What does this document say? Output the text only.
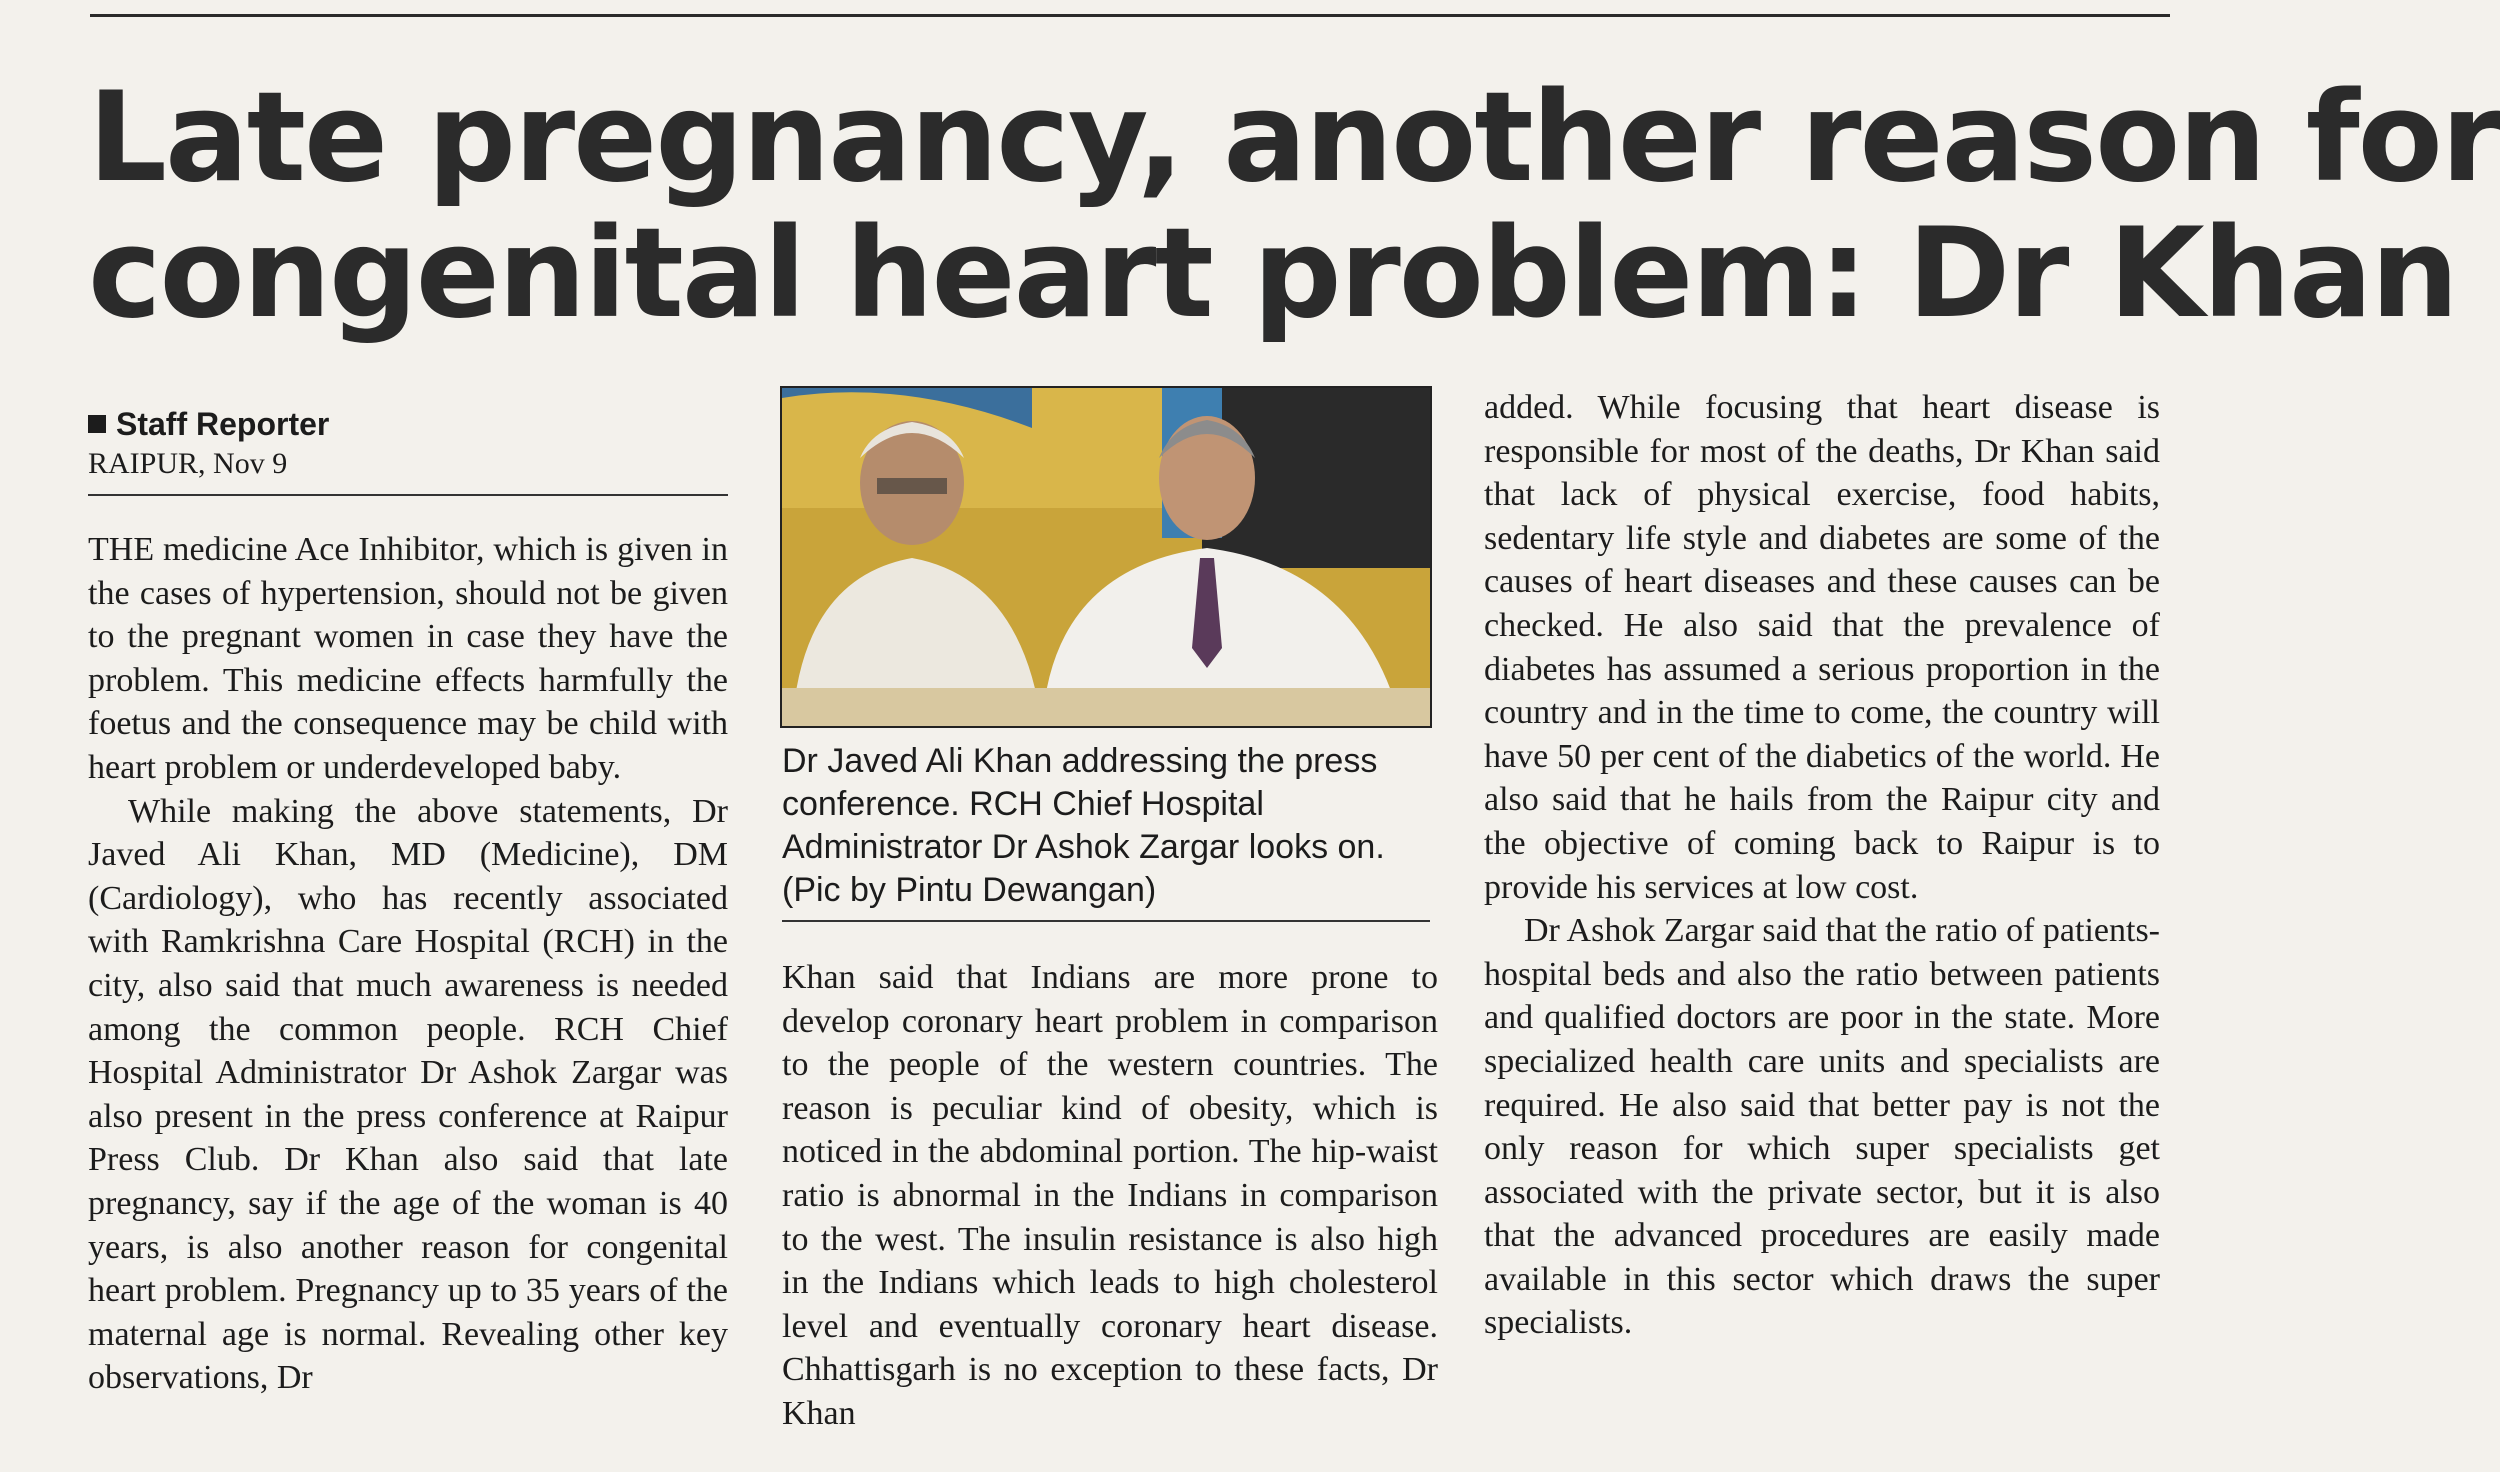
Late pregnancy, another reason for
congenital heart problem: Dr Khan
Staff Reporter
RAIPUR, Nov 9

THE medicine Ace Inhibitor, which is given in the cases of hypertension, should not be given to the pregnant women in case they have the problem. This medicine effects harmfully the foetus and the consequence may be child with heart problem or underdeveloped baby.

While making the above statements, Dr Javed Ali Khan, MD (Medicine), DM (Cardiology), who has recently associated with Ramkrishna Care Hospital (RCH) in the city, also said that much awareness is needed among the common people. RCH Chief Hospital Administrator Dr Ashok Zargar was also present in the press conference at Raipur Press Club. Dr Khan also said that late pregnancy, say if the age of the woman is 40 years, is also another reason for congenital heart problem. Pregnancy up to 35 years of the maternal age is normal. Revealing other key observations, Dr

Dr Javed Ali Khan addressing the press conference. RCH Chief Hospital Administrator Dr Ashok Zargar looks on. (Pic by Pintu Dewangan)

Khan said that Indians are more prone to develop coronary heart problem in comparison to the people of the western countries. The reason is peculiar kind of obesity, which is noticed in the abdominal portion. The hip-waist ratio is abnormal in the Indians in comparison to the west. The insulin resistance is also high in the Indians which leads to high cholesterol level and eventually coronary heart disease. Chhattisgarh is no exception to these facts, Dr Khan

added. While focusing that heart disease is responsible for most of the deaths, Dr Khan said that lack of physical exercise, food habits, sedentary life style and diabetes are some of the causes of heart diseases and these causes can be checked. He also said that the prevalence of diabetes has assumed a serious proportion in the country and in the time to come, the country will have 50 per cent of the diabetics of the world. He also said that he hails from the Raipur city and the objective of coming back to Raipur is to provide his services at low cost.

Dr Ashok Zargar said that the ratio of patients-hospital beds and also the ratio between patients and qualified doctors are poor in the state. More specialized health care units and specialists are required. He also said that better pay is not the only reason for which super specialists get associated with the private sector, but it is also that the advanced procedures are easily made available in this sector which draws the super specialists.
